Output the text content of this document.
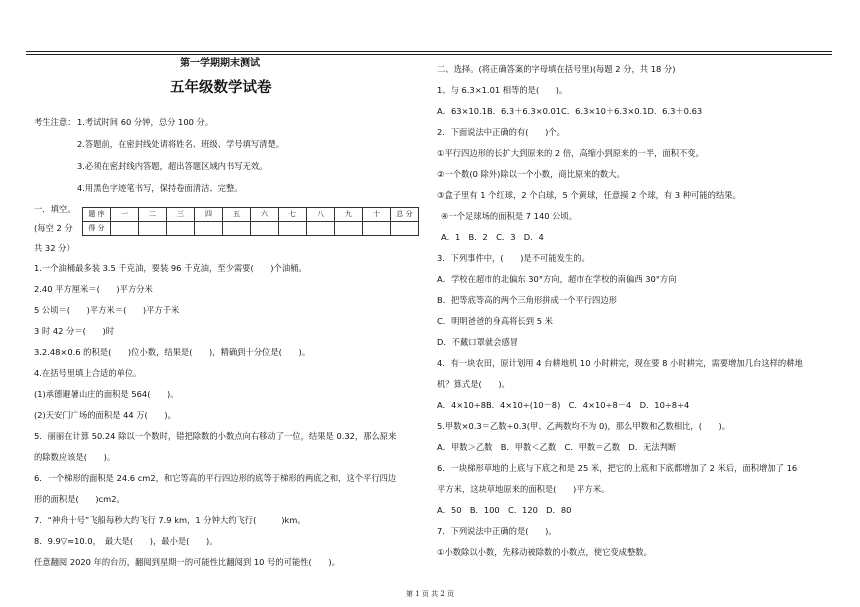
第一学期期末测试
五年级数学试卷
考生注意： 1.考试时间 60 分钟，总分 100 分。
2.答题前，在密封线处请将姓名、班级、学号填写清楚。
3.必须在密封线内答题，超出答题区域内书写无效。
4.用黑色字迹笔书写，保持卷面清洁、完整。
一．填空。
(每空 2 分
共 32 分）
题 序	一	二	三	四	五	六	七	八	九	十	总 分
得 分											
1.一个油桶最多装 3.5 千克油，要装 96 千克油，至少需要(　　)个油桶。
2.40 平方厘米＝(　　)平方分米
5 公顷＝(　　)平方米＝(　　)平方千米
3 时 42 分＝(　　)时
3.2.48×0.6 的积是(　　)位小数，结果是(　　)，精确到十分位是(　　)。
4.在括号里填上合适的单位。
(1)承德避暑山庄的面积是 564(　　)。
(2)天安门广场的面积是 44 万(　　)。
5．丽丽在计算 50.24 除以一个数时，错把除数的小数点向右移动了一位，结果是 0.32，那么原来
的除数应该是(　　)。
6．一个梯形的面积是 24.6 cm2，和它等高的平行四边形的底等于梯形的两底之和，这个平行四边
形的面积是(　　)cm2。
7．“神舟十号”飞船每秒大约飞行 7.9 km，1 分钟大约飞行(　　　)km。
8．9.9▽≈10.0，　最大是(　　)，最小是(　　)。
任意翻阅 2020 年的台历，翻阅到星期一的可能性比翻阅到 10 号的可能性(　　)。
二、选择。(将正确答案的字母填在括号里)(每题 2 分，共 18 分)
1、与 6.3×1.01 相等的是(　　)。
A．63×10.1B．6.3＋6.3×0.01C．6.3×10＋6.3×0.1D．6.3＋0.63
2．下面说法中正确的有(　　)个。
①平行四边形的长扩大到原来的 2 倍，高缩小到原来的一半，面积不变。
②一个数(0 除外)除以一个小数，商比原来的数大。
③盒子里有 1 个红球，2 个白球，5 个黄球，任意摸 2 个球，有 3 种可能的结果。
④一个足球场的面积是 7 140 公顷。
A．1　B．2　C．3　D．4
3．下列事件中，(　　)是不可能发生的。
A．学校在超市的北偏东 30°方向，超市在学校的南偏西 30°方向
B．把等底等高的两个三角形拼成一个平行四边形
C．明明爸爸的身高将长到 5 米
D．不戴口罩就会感冒
4．有一块农田，原计划用 4 台耕地机 10 小时耕完，现在要 8 小时耕完，需要增加几台这样的耕地
机？算式是(　　)。
A．4×10÷8B．4×10÷(10－8)　C．4×10÷8－4　D．10÷8÷4
5.甲数×0.3＝乙数÷0.3(甲、乙两数均不为 0)，那么甲数和乙数相比，(　　)。
A．甲数＞乙数　B．甲数＜乙数　C．甲数＝乙数　D．无法判断
6．一块梯形草地的上底与下底之和是 25 米，把它的上底和下底都增加了 2 米后，面积增加了 16
平方米，这块草地原来的面积是(　　)平方米。
A．50　B．100　C．120　D．80
7．下列说法中正确的是(　　)。
①小数除以小数，先移动被除数的小数点，使它变成整数。
第 1 页 共 2 页
